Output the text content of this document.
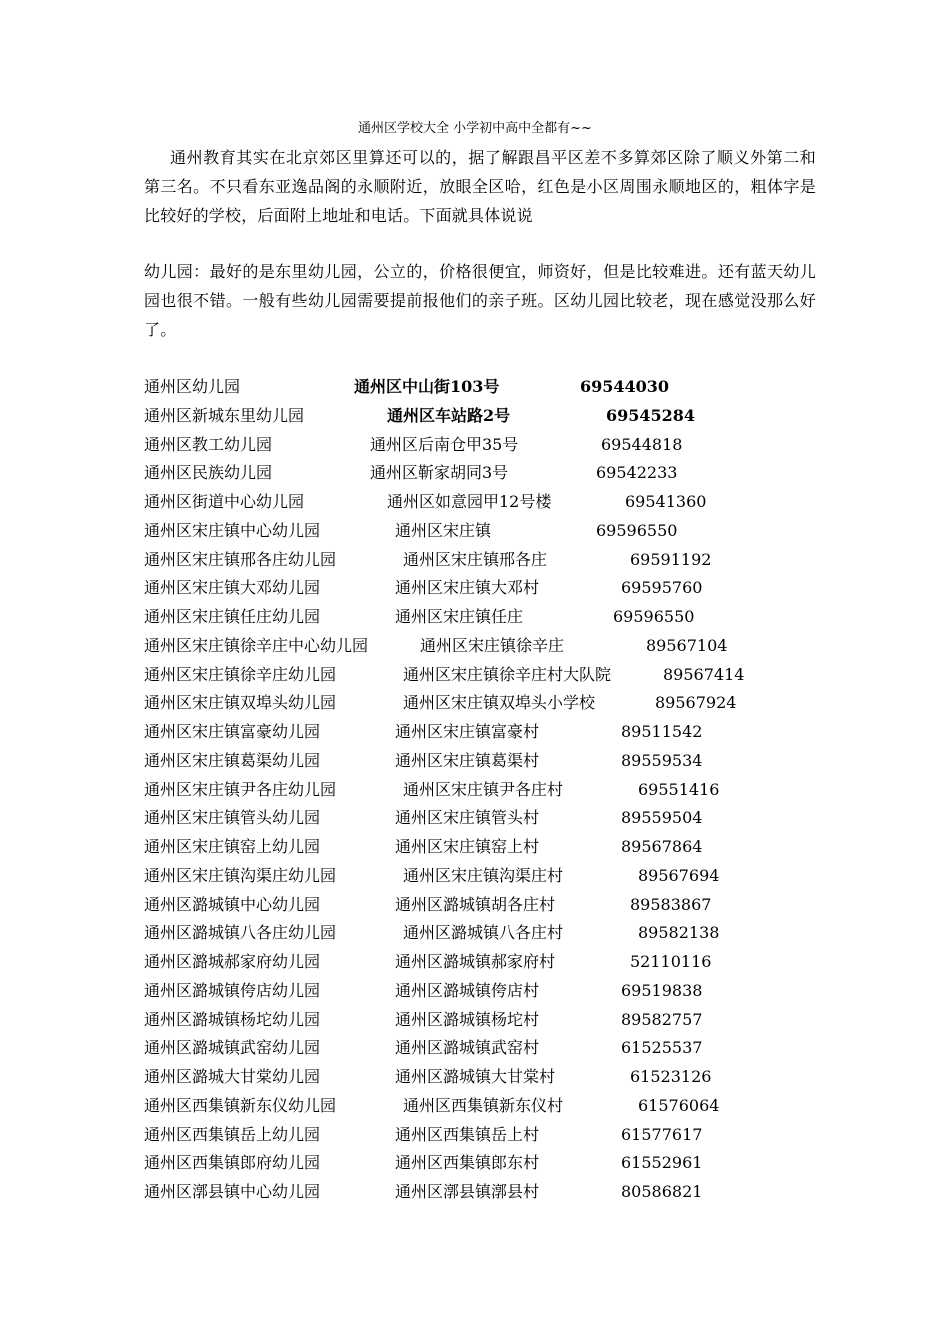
通州区学校大全 小学初中高中全都有~~

通州教育其实在北京郊区里算还可以的，据了解跟昌平区差不多算郊区除了顺义外第二和第三名。不只看东亚逸品阁的永顺附近，放眼全区哈，红色是小区周围永顺地区的，粗体字是比较好的学校，后面附上地址和电话。下面就具体说说

幼儿园：最好的是东里幼儿园，公立的，价格很便宜，师资好，但是比较难进。还有蓝天幼儿园也很不错。一般有些幼儿园需要提前报他们的亲子班。区幼儿园比较老，现在感觉没那么好了。

通州区幼儿园	通州区中山街103号	69544030
通州区新城东里幼儿园	通州区车站路2号	69545284
通州区教工幼儿园	通州区后南仓甲35号	69544818
通州区民族幼儿园	通州区靳家胡同3号	69542233
通州区街道中心幼儿园	通州区如意园甲12号楼	69541360
通州区宋庄镇中心幼儿园	通州区宋庄镇	69596550
通州区宋庄镇邢各庄幼儿园	通州区宋庄镇邢各庄	69591192
通州区宋庄镇大邓幼儿园	通州区宋庄镇大邓村	69595760
通州区宋庄镇任庄幼儿园	通州区宋庄镇任庄	69596550
通州区宋庄镇徐辛庄中心幼儿园	通州区宋庄镇徐辛庄	89567104
通州区宋庄镇徐辛庄幼儿园	通州区宋庄镇徐辛庄村大队院	89567414
通州区宋庄镇双埠头幼儿园	通州区宋庄镇双埠头小学校	89567924
通州区宋庄镇富豪幼儿园	通州区宋庄镇富豪村	89511542
通州区宋庄镇葛渠幼儿园	通州区宋庄镇葛渠村	89559534
通州区宋庄镇尹各庄幼儿园	通州区宋庄镇尹各庄村	69551416
通州区宋庄镇管头幼儿园	通州区宋庄镇管头村	89559504
通州区宋庄镇窑上幼儿园	通州区宋庄镇窑上村	89567864
通州区宋庄镇沟渠庄幼儿园	通州区宋庄镇沟渠庄村	89567694
通州区潞城镇中心幼儿园	通州区潞城镇胡各庄村	89583867
通州区潞城镇八各庄幼儿园	通州区潞城镇八各庄村	89582138
通州区潞城郝家府幼儿园	通州区潞城镇郝家府村	52110116
通州区潞城镇侉店幼儿园	通州区潞城镇侉店村	69519838
通州区潞城镇杨坨幼儿园	通州区潞城镇杨坨村	89582757
通州区潞城镇武窑幼儿园	通州区潞城镇武窑村	61525537
通州区潞城大甘棠幼儿园	通州区潞城镇大甘棠村	61523126
通州区西集镇新东仪幼儿园	通州区西集镇新东仪村	61576064
通州区西集镇岳上幼儿园	通州区西集镇岳上村	61577617
通州区西集镇郎府幼儿园	通州区西集镇郎东村	61552961
通州区漷县镇中心幼儿园	通州区漷县镇漷县村	80586821
